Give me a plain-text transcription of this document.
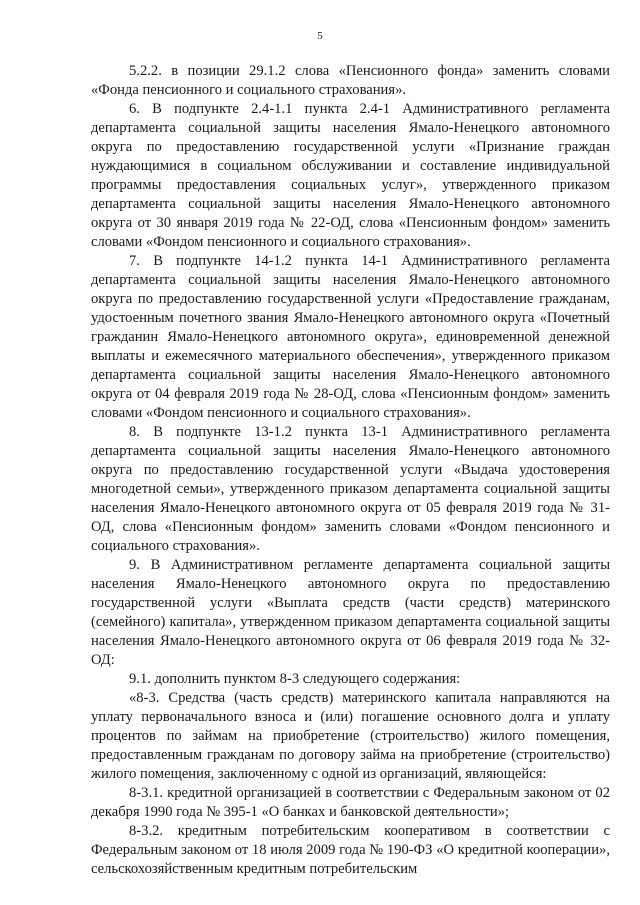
5

5.2.2. в позиции 29.1.2 слова «Пенсионного фонда» заменить словами «Фонда пенсионного и социального страхования».

6. В подпункте 2.4-1.1 пункта 2.4-1 Административного регламента департамента социальной защиты населения Ямало-Ненецкого автономного округа по предоставлению государственной услуги «Признание граждан нуждающимися в социальном обслуживании и составление индивидуальной программы предоставления социальных услуг», утвержденного приказом департамента социальной защиты населения Ямало-Ненецкого автономного округа от 30 января 2019 года № 22-ОД, слова «Пенсионным фондом» заменить словами «Фондом пенсионного и социального страхования».

7. В подпункте 14-1.2 пункта 14-1 Административного регламента департамента социальной защиты населения Ямало-Ненецкого автономного округа по предоставлению государственной услуги «Предоставление гражданам, удостоенным почетного звания Ямало-Ненецкого автономного округа «Почетный гражданин Ямало-Ненецкого автономного округа», единовременной денежной выплаты и ежемесячного материального обеспечения», утвержденного приказом департамента социальной защиты населения Ямало-Ненецкого автономного округа от 04 февраля 2019 года № 28-ОД, слова «Пенсионным фондом» заменить словами «Фондом пенсионного и социального страхования».

8. В подпункте 13-1.2 пункта 13-1 Административного регламента департамента социальной защиты населения Ямало-Ненецкого автономного округа по предоставлению государственной услуги «Выдача удостоверения многодетной семьи», утвержденного приказом департамента социальной защиты населения Ямало-Ненецкого автономного округа от 05 февраля 2019 года № 31-ОД, слова «Пенсионным фондом» заменить словами «Фондом пенсионного и социального страхования».

9. В Административном регламенте департамента социальной защиты населения Ямало-Ненецкого автономного округа по предоставлению государственной услуги «Выплата средств (части средств) материнского (семейного) капитала», утвержденном приказом департамента социальной защиты населения Ямало-Ненецкого автономного округа от 06 февраля 2019 года № 32-ОД:

9.1. дополнить пунктом 8-3 следующего содержания:

«8-3. Средства (часть средств) материнского капитала направляются на уплату первоначального взноса и (или) погашение основного долга и уплату процентов по займам на приобретение (строительство) жилого помещения, предоставленным гражданам по договору займа на приобретение (строительство) жилого помещения, заключенному с одной из организаций, являющейся:

8-3.1. кредитной организацией в соответствии с Федеральным законом от 02 декабря 1990 года № 395-1 «О банках и банковской деятельности»;

8-3.2. кредитным потребительским кооперативом в соответствии с Федеральным законом от 18 июля 2009 года № 190-ФЗ «О кредитной кооперации», сельскохозяйственным кредитным потребительским
